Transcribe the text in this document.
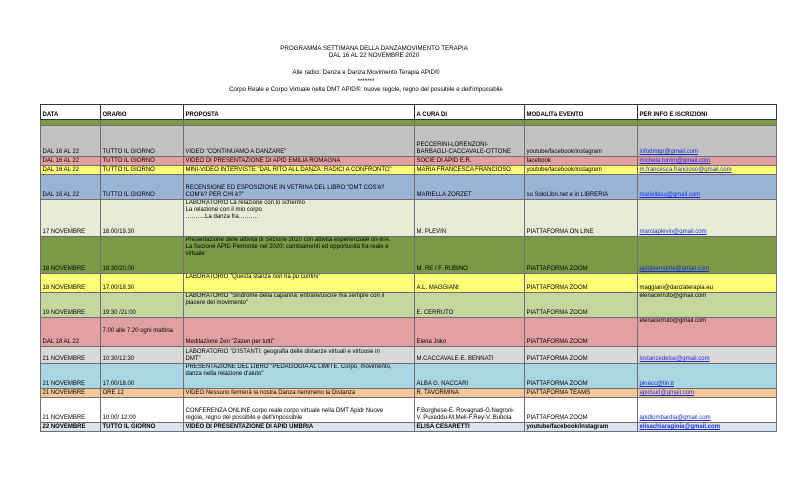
PROGRAMMA SETTIMANA DELLA DANZAMOVIMENTO TERAPIA
DAL 16 AL 22 NOVEMBRE 2020
Alle radici: Danza e Danza Movimento Terapia APID®
*******
Corpo Reale e Corpo Virtuale nella DMT APID®: nuove regole, regno del possibile e dell'impossibile
DATA	ORARIO	PROPOSTA	A CURA DI	MODALITà EVENTO	PER INFO E ISCRIZIONI

DAL 16 AL 22	TUTTO IL GIORNO	VIDEO "CONTINUAMO A DANZARE"	PECCERINI-LORENZONI-
BARBAGLI-CACCAVALE-OTTONE	youtube/facebook/instagram	infodmtgr@gmail.com
DAL 16 AL 22	TUTTO IL GIORNO	VIDEO DI PRESENTAZIONE DI APID EMILIA ROMAGNA	SOCIE DI APID E.R.	facebook	michela.turrini@gmail.com
DAL 16 AL 22	TUTTO IL GIORNO	MINI-VIDEO INTERVISTE "DAL RITO ALL DANZA: RADICI A CONFRONTO"	MARIA FRANCESCA FRANCIOSO	youtube/facebook/instagram	m.francesca.francioso@gmail.com
DAL 16 AL 22	TUTTO IL GIORNO	RECENSIONE ED ESPOSIZIONE IN VETRINA DEL LIBRO "DMT COS'è?
COM'è? PER CHI è?"	MARIELLA ZORZET	su SoloLibri.net e in LIBRERIA	mariellasu@gmail.com
17 NOVEMBRE	18.00/19.30	LABORATORIO La relazione con lo schermo
La relazione con il mio corpo
……….La danza fra……….	M. PLEVIN	PIATTAFORMA ON LINE	marciaplevin@gmail.com
18 NOVEMBRE	18:30/20.00	Presentazione delle attività di Sezione 2020 con attività esperienziale on-line.
La Sezione APID Piemonte nel 2020: cambiamenti ed opportunità fra reale e
virtuale	M. RE / F. RUBINO	PIATTAFORMA ZOOM	apidpiemonte@gmail.com
18 NOVEMBRE	17.00/18.30	LABORATORIO "Questa stanza non ha pù confini"	A.L. MAGGIANI	PIATTAFORMA ZOOM	maggiani@danzaterapia.eu
19 NOVEMBRE	19:30 /21:00	LABORATORIO "Sindrome della capanna: entrare/uscire ma sempre con il
piacere del movimento"	E. CERRUTO	PIATTAFORMA ZOOM	elenacerruto@gmail.com
DAL 18 AL 22	7.00 alle 7.20 ogni mattina	Meditazione Zen "Zazen per tutti"	Elena Joko	PIATTAFORMA ZOOM	elenacerruto@gmail.com
21 NOVEMBRE	10:30/12:30	LABORATORIO "D'ISTANTI: geografia delle distanze virtuali e virtuose in
DMT"	M.CACCAVALE-E. BENNATI	PIATTAFORMA ZOOM	lostanzedelse@gmail.com
21 NOVEMBRE	17.00/18.00	PRESENTAZIONE DEL LIBRO "PEDAGOGIA AL LIMITE. Corpo, movimento,
danza nella relazione d'aiuto"	ALBA G. NACCARI	PIATTAFORMA ZOOM	pinacc@tin.it
21 NOVEMBRE	ORE 12	VIDEO Nessuno fermerà la nostra Danza nemmeno la Distanza	R. TAVORMINA	PIATTAFORMA TEAMS	apidsud@gmail.com
21 NOVEMBRE	10:00/ 12:00	CONFERENZA ONLINE corpo reale corpo virtuale nella DMT Apidr Nuove
regole, regno del possibile e dell'impossibile	F.Borghese-E. Rovagnati-G.Negroni-
V. Puxeddu-M.Meli-F.Rey-V. Bubola	PIATTAFORMA ZOOM	apidlombardia@gmail.com
22 NOVEMBRE	TUTTO IL GIORNO	VIDEO DI PRESENTAZIONE DI APID UMBRIA	ELISA CESARETTI	youtube/facebook/instagram	elisachiaragioia@gmail.com
